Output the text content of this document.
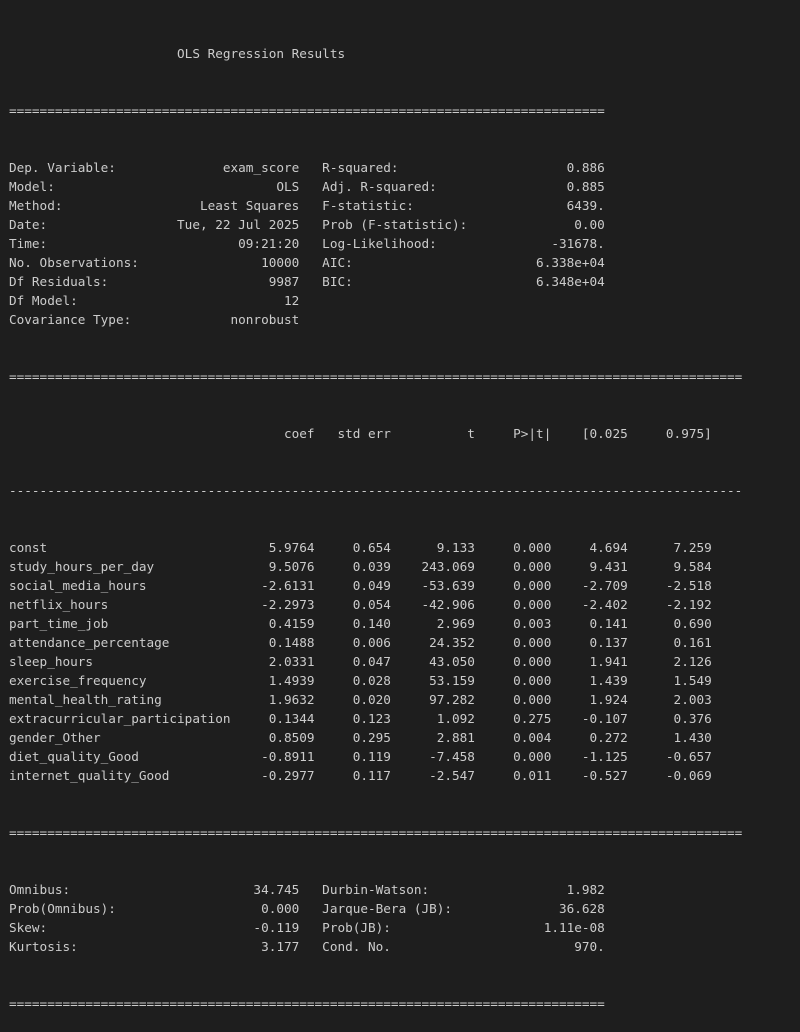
OLS Regression Results

==============================================================================

Dep. Variable:              exam_score   R-squared:                      0.886
Model:                             OLS   Adj. R-squared:                 0.885
Method:                  Least Squares   F-statistic:                    6439.
Date:                 Tue, 22 Jul 2025   Prob (F-statistic):              0.00
Time:                         09:21:20   Log-Likelihood:               -31678.
No. Observations:                10000   AIC:                        6.338e+04
Df Residuals:                     9987   BIC:                        6.348e+04
Df Model:                           12
Covariance Type:             nonrobust

================================================================================================

coef   std err          t     P>|t|    [0.025     0.975]

------------------------------------------------------------------------------------------------

const                             5.9764     0.654      9.133     0.000     4.694      7.259
study_hours_per_day               9.5076     0.039    243.069     0.000     9.431      9.584
social_media_hours               -2.6131     0.049    -53.639     0.000    -2.709     -2.518
netflix_hours                    -2.2973     0.054    -42.906     0.000    -2.402     -2.192
part_time_job                     0.4159     0.140      2.969     0.003     0.141      0.690
attendance_percentage             0.1488     0.006     24.352     0.000     0.137      0.161
sleep_hours                       2.0331     0.047     43.050     0.000     1.941      2.126
exercise_frequency                1.4939     0.028     53.159     0.000     1.439      1.549
mental_health_rating              1.9632     0.020     97.282     0.000     1.924      2.003
extracurricular_participation     0.1344     0.123      1.092     0.275    -0.107      0.376
gender_Other                      0.8509     0.295      2.881     0.004     0.272      1.430
diet_quality_Good                -0.8911     0.119     -7.458     0.000    -1.125     -0.657
internet_quality_Good            -0.2977     0.117     -2.547     0.011    -0.527     -0.069

================================================================================================

Omnibus:                        34.745   Durbin-Watson:                  1.982
Prob(Omnibus):                   0.000   Jarque-Bera (JB):              36.628
Skew:                           -0.119   Prob(JB):                    1.11e-08
Kurtosis:                        3.177   Cond. No.                        970.

==============================================================================
